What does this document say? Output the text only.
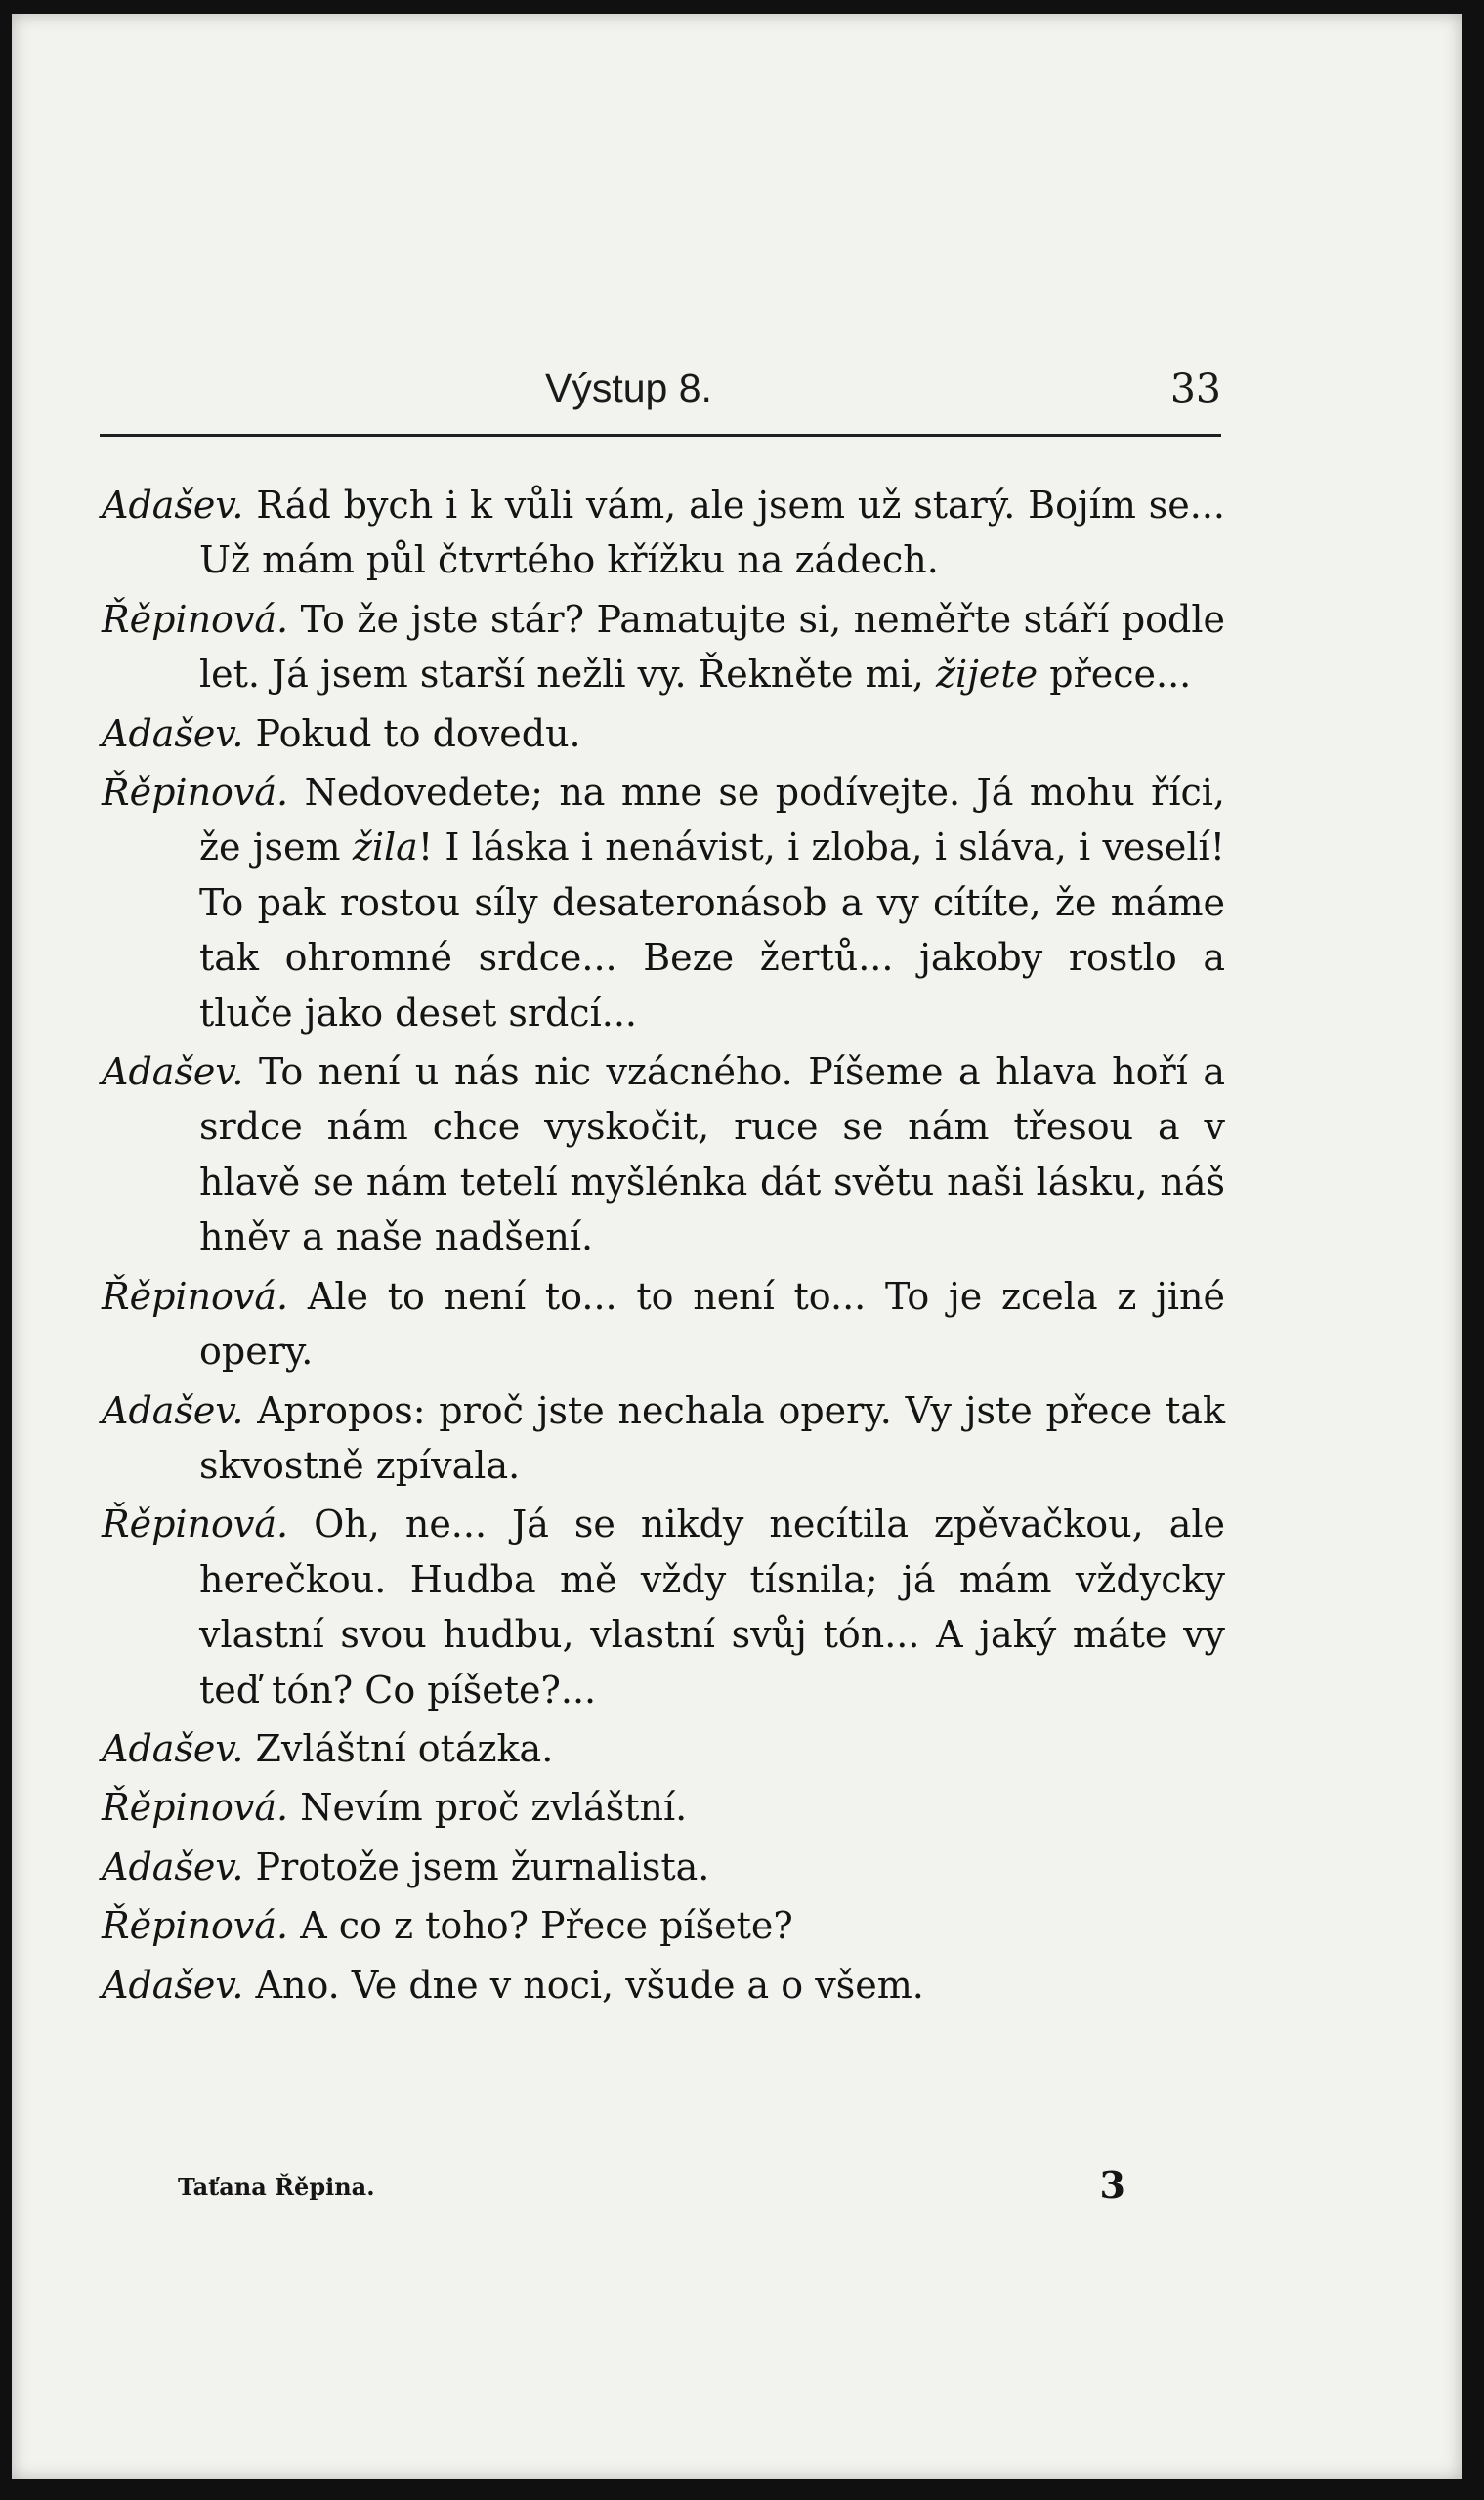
Výstup 8.	33

Adašev. Rád bych i k vůli vám, ale jsem už starý. Bojím se... Už mám půl čtvrtého křížku na zádech.

Řěpinová. To že jste stár? Pamatujte si, neměřte stáří podle let. Já jsem starší nežli vy. Řekněte mi, žijete přece...

Adašev. Pokud to dovedu.

Řěpinová. Nedovedete; na mne se podívejte. Já mohu říci, že jsem žila! I láska i nenávist, i zloba, i sláva, i veselí! To pak rostou síly desateronásob a vy cítíte, že máme tak ohromné srdce... Beze žertů... jakoby rostlo a tluče jako deset srdcí...

Adašev. To není u nás nic vzácného. Píšeme a hlava hoří a srdce nám chce vyskočit, ruce se nám třesou a v hlavě se nám tetelí myšlénka dát světu naši lásku, náš hněv a naše nadšení.

Řěpinová. Ale to není to... to není to... To je zcela z jiné opery.

Adašev. Apropos: proč jste nechala opery. Vy jste přece tak skvostně zpívala.

Řěpinová. Oh, ne... Já se nikdy necítila zpěvačkou, ale herečkou. Hudba mě vždy tísnila; já mám vždycky vlastní svou hudbu, vlastní svůj tón... A jaký máte vy teď tón? Co píšete?...

Adašev. Zvláštní otázka.

Řěpinová. Nevím proč zvláštní.

Adašev. Protože jsem žurnalista.

Řěpinová. A co z toho? Přece píšete?

Adašev. Ano. Ve dne v noci, všude a o všem.

Taťana Řěpina.	3
